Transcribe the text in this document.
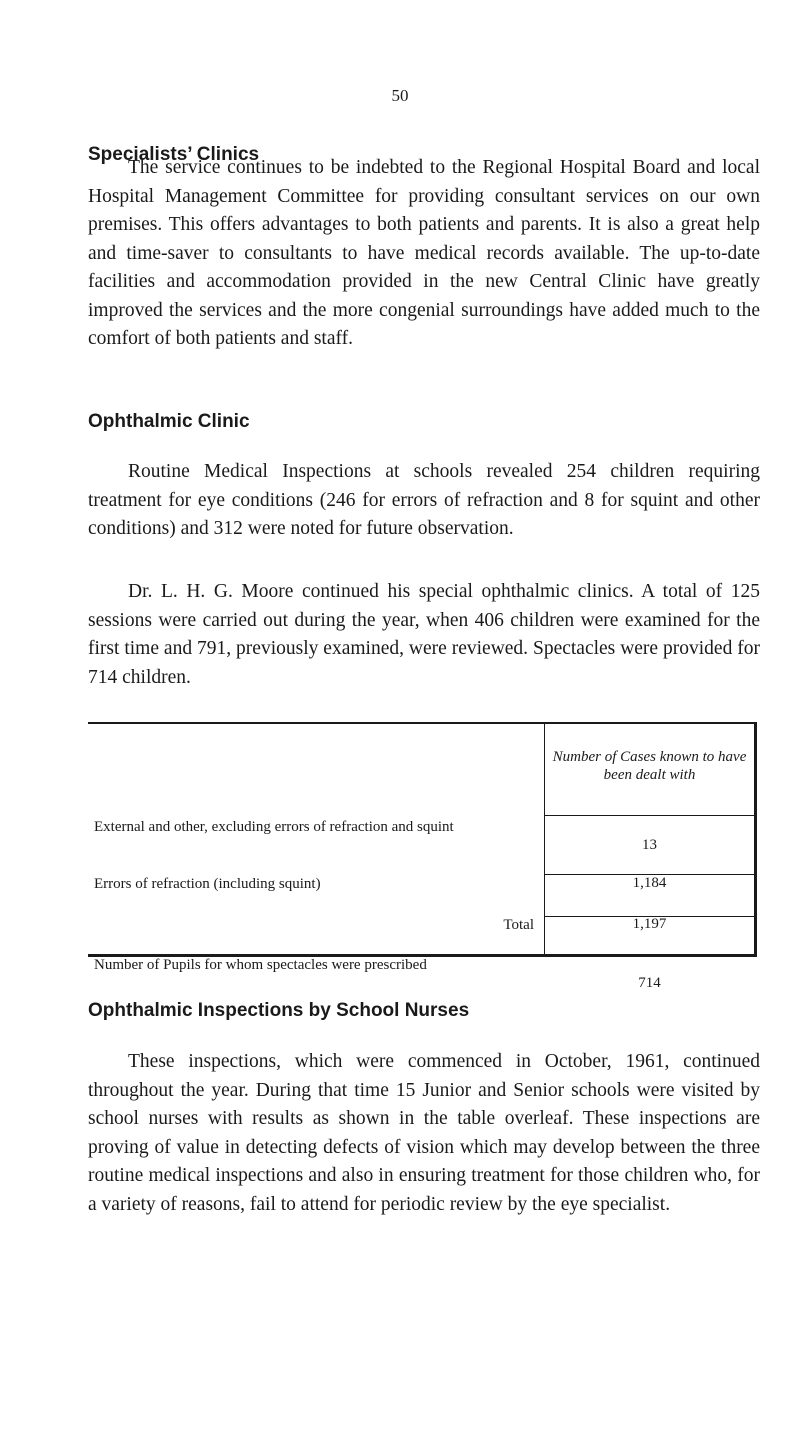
50
Specialists’ Clinics

The service continues to be indebted to the Regional Hospital Board and local Hospital Management Committee for providing consultant services on our own premises. This offers advantages to both patients and parents. It is also a great help and time-saver to consultants to have medical records available. The up-to-date facilities and accommodation provided in the new Central Clinic have greatly improved the services and the more congenial surroundings have added much to the comfort of both patients and staff.

Ophthalmic Clinic

Routine Medical Inspections at schools revealed 254 children requiring treatment for eye conditions (246 for errors of refraction and 8 for squint and other conditions) and 312 were noted for future observation.

Dr. L. H. G. Moore continued his special ophthalmic clinics. A total of 125 sessions were carried out during the year, when 406 children were examined for the first time and 791, previously examined, were reviewed. Spectacles were provided for 714 children.

Number of Cases known to have been dealt with
External and other, excluding errors of refraction and squint
13
Errors of refraction (including squint)	1,184
Total	1,197
Number of Pupils for whom spectacles were prescribed
714
Ophthalmic Inspections by School Nurses

These inspections, which were commenced in October, 1961, continued throughout the year. During that time 15 Junior and Senior schools were visited by school nurses with results as shown in the table overleaf. These inspections are proving of value in detecting defects of vision which may develop between the three routine medical inspections and also in ensuring treatment for those children who, for a variety of reasons, fail to attend for periodic review by the eye specialist.
